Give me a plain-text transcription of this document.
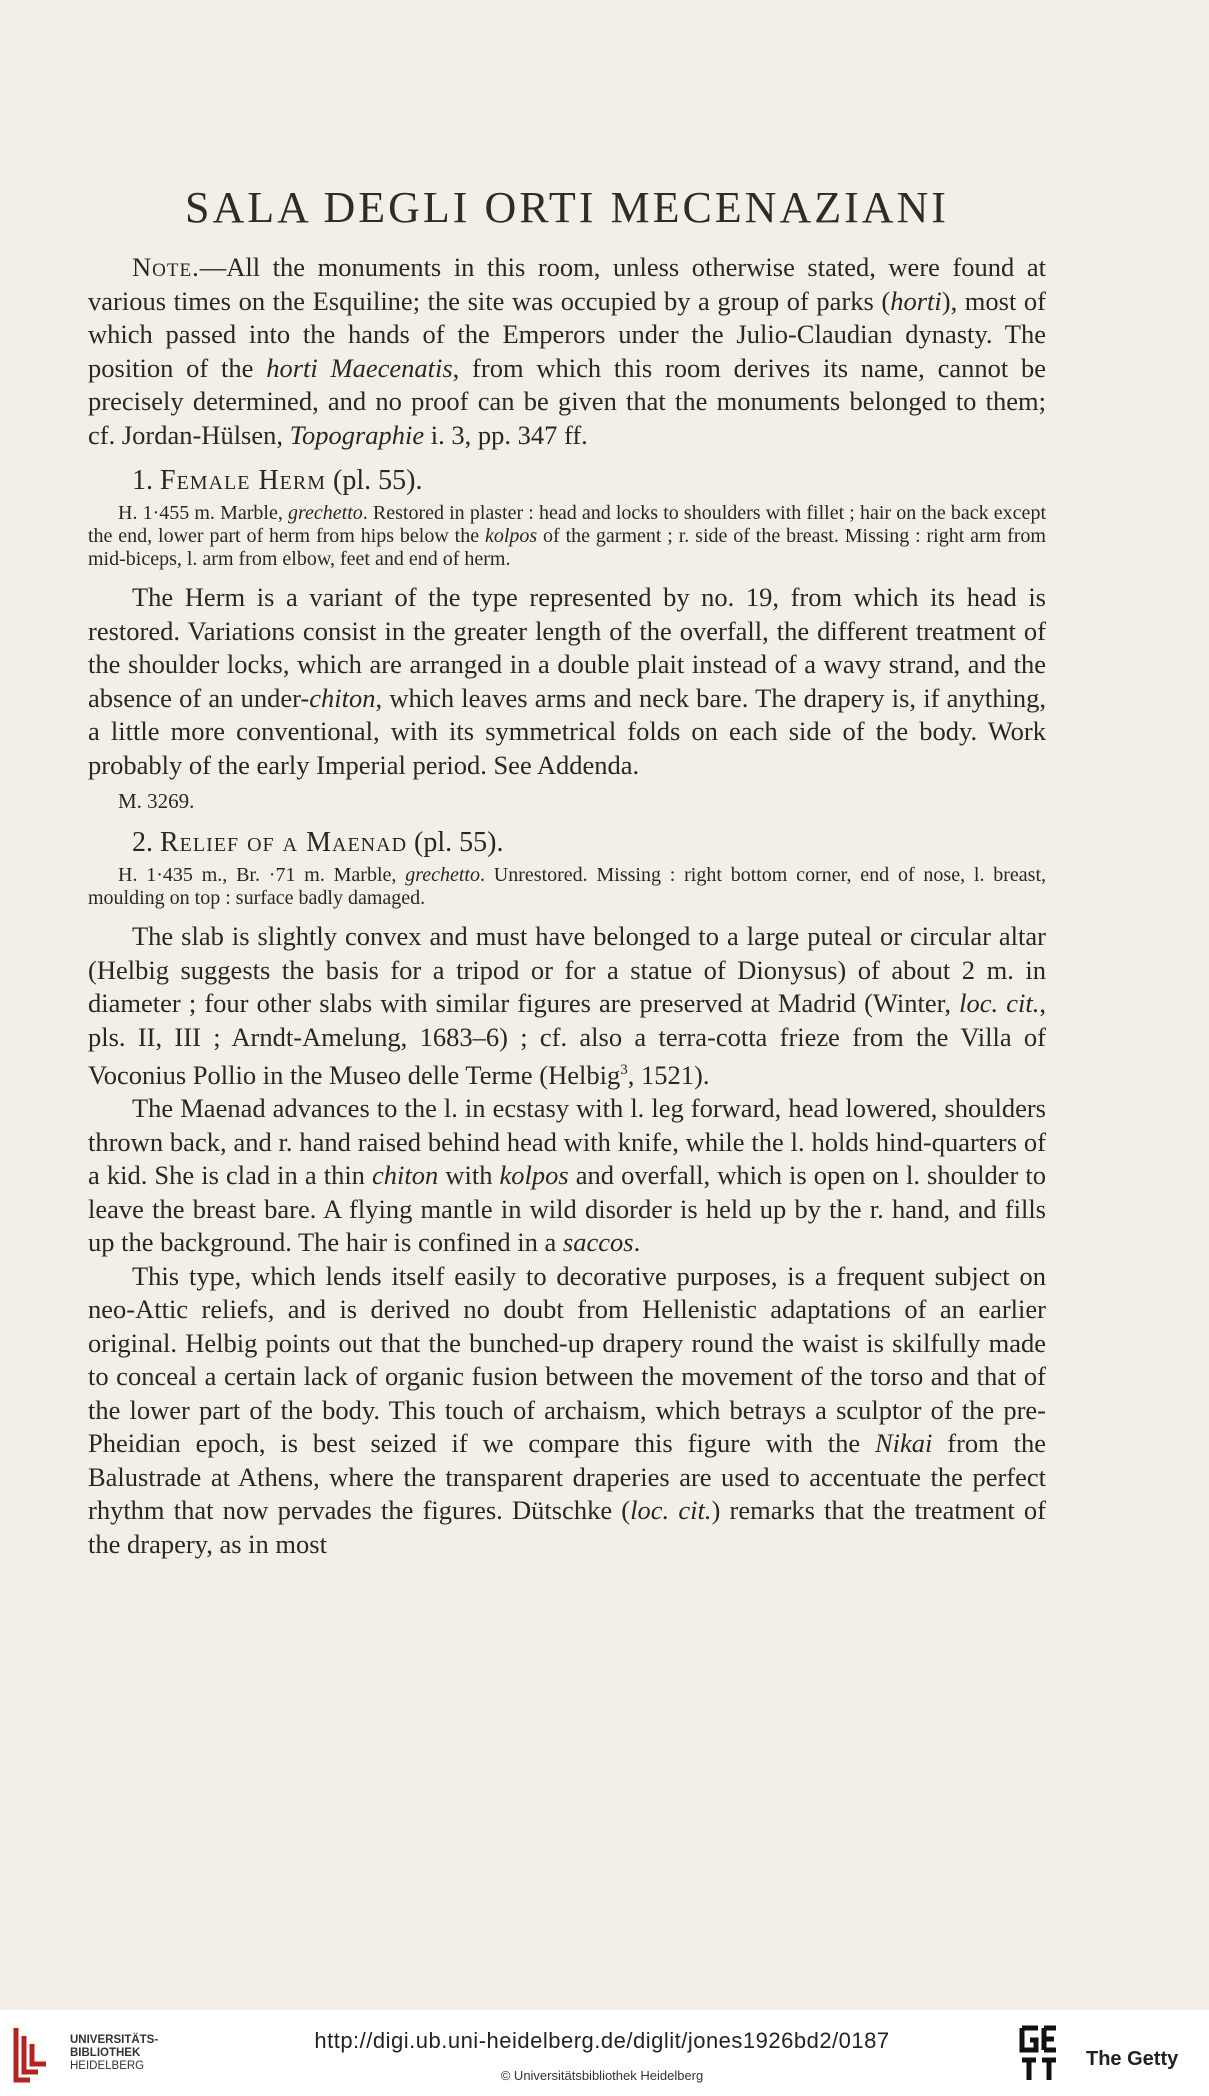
SALA DEGLI ORTI MECENAZIANI

Note.—All the monuments in this room, unless otherwise stated, were found at various times on the Esquiline; the site was occupied by a group of parks (horti), most of which passed into the hands of the Emperors under the Julio-Claudian dynasty. The position of the horti Maecenatis, from which this room derives its name, cannot be precisely determined, and no proof can be given that the monuments belonged to them; cf. Jordan-Hülsen, Topographie i. 3, pp. 347 ff.

1. Female Herm (pl. 55).

H. 1·455 m. Marble, grechetto. Restored in plaster : head and locks to shoulders with fillet ; hair on the back except the end, lower part of herm from hips below the kolpos of the garment ; r. side of the breast. Missing : right arm from mid-biceps, l. arm from elbow, feet and end of herm.

The Herm is a variant of the type represented by no. 19, from which its head is restored. Variations consist in the greater length of the overfall, the different treatment of the shoulder locks, which are arranged in a double plait instead of a wavy strand, and the absence of an under-chiton, which leaves arms and neck bare. The drapery is, if anything, a little more conventional, with its symmetrical folds on each side of the body. Work probably of the early Imperial period. See Addenda.

M. 3269.
2. Relief of a Maenad (pl. 55).

H. 1·435 m., Br. ·71 m. Marble, grechetto. Unrestored. Missing : right bottom corner, end of nose, l. breast, moulding on top : surface badly damaged.

The slab is slightly convex and must have belonged to a large puteal or circular altar (Helbig suggests the basis for a tripod or for a statue of Dionysus) of about 2 m. in diameter ; four other slabs with similar figures are preserved at Madrid (Winter, loc. cit., pls. II, III ; Arndt-Amelung, 1683–6) ; cf. also a terra-cotta frieze from the Villa of Voconius Pollio in the Museo delle Terme (Helbig$^3$, 1521).

The Maenad advances to the l. in ecstasy with l. leg forward, head lowered, shoulders thrown back, and r. hand raised behind head with knife, while the l. holds hind-quarters of a kid. She is clad in a thin chiton with kolpos and overfall, which is open on l. shoulder to leave the breast bare. A flying mantle in wild disorder is held up by the r. hand, and fills up the background. The hair is confined in a saccos.

This type, which lends itself easily to decorative purposes, is a frequent subject on neo-Attic reliefs, and is derived no doubt from Hellenistic adaptations of an earlier original. Helbig points out that the bunched-up drapery round the waist is skilfully made to conceal a certain lack of organic fusion between the movement of the torso and that of the lower part of the body. This touch of archaism, which betrays a sculptor of the pre-Pheidian epoch, is best seized if we compare this figure with the Nikai from the Balustrade at Athens, where the transparent draperies are used to accentuate the perfect rhythm that now pervades the figures. Dütschke (loc. cit.) remarks that the treatment of the drapery, as in most

UNIVERSITÄTS-
BIBLIOTHEK
HEIDELBERG
http://digi.ub.uni-heidelberg.de/diglit/jones1926bd2/0187
© Universitätsbibliothek Heidelberg
The Getty
